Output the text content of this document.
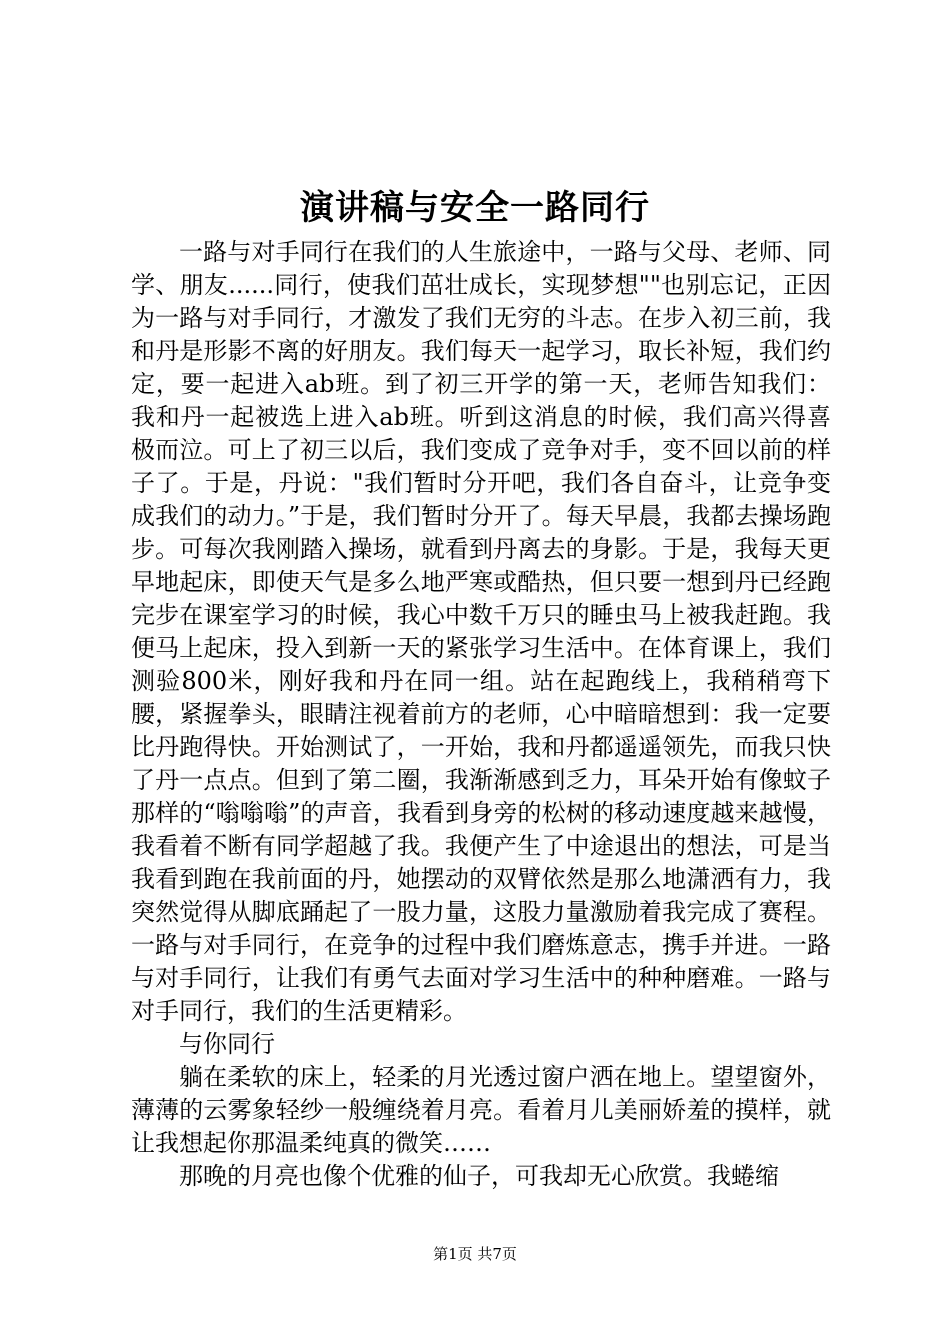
演讲稿与安全一路同行

一路与对手同行在我们的人生旅途中，一路与父母、老师、同学、朋友......同行，使我们茁壮成长，实现梦想""也别忘记，正因为一路与对手同行，才激发了我们无穷的斗志。在步入初三前，我和丹是形影不离的好朋友。我们每天一起学习，取长补短，我们约定，要一起进入ab班。到了初三开学的第一天，老师告知我们：我和丹一起被选上进入ab班。听到这消息的时候，我们高兴得喜极而泣。可上了初三以后，我们变成了竞争对手，变不回以前的样子了。于是，丹说："我们暂时分开吧，我们各自奋斗，让竞争变成我们的动力。”于是，我们暂时分开了。每天早晨，我都去操场跑步。可每次我刚踏入操场，就看到丹离去的身影。于是，我每天更早地起床，即使天气是多么地严寒或酷热，但只要一想到丹已经跑完步在课室学习的时候，我心中数千万只的睡虫马上被我赶跑。我便马上起床，投入到新一天的紧张学习生活中。在体育课上，我们测验800米，刚好我和丹在同一组。站在起跑线上，我稍稍弯下腰，紧握拳头，眼睛注视着前方的老师，心中暗暗想到：我一定要比丹跑得快。开始测试了，一开始，我和丹都遥遥领先，而我只快了丹一点点。但到了第二圈，我渐渐感到乏力，耳朵开始有像蚊子那样的“嗡嗡嗡”的声音，我看到身旁的松树的移动速度越来越慢，我看着不断有同学超越了我。我便产生了中途退出的想法，可是当我看到跑在我前面的丹，她摆动的双臂依然是那么地潇洒有力，我突然觉得从脚底踊起了一股力量，这股力量激励着我完成了赛程。一路与对手同行，在竞争的过程中我们磨炼意志，携手并进。一路与对手同行，让我们有勇气去面对学习生活中的种种磨难。一路与对手同行，我们的生活更精彩。

与你同行

躺在柔软的床上，轻柔的月光透过窗户洒在地上。望望窗外，薄薄的云雾象轻纱一般缠绕着月亮。看着月儿美丽娇羞的摸样，就让我想起你那温柔纯真的微笑……

那晚的月亮也像个优雅的仙子，可我却无心欣赏。我蜷缩

第1页 共7页
